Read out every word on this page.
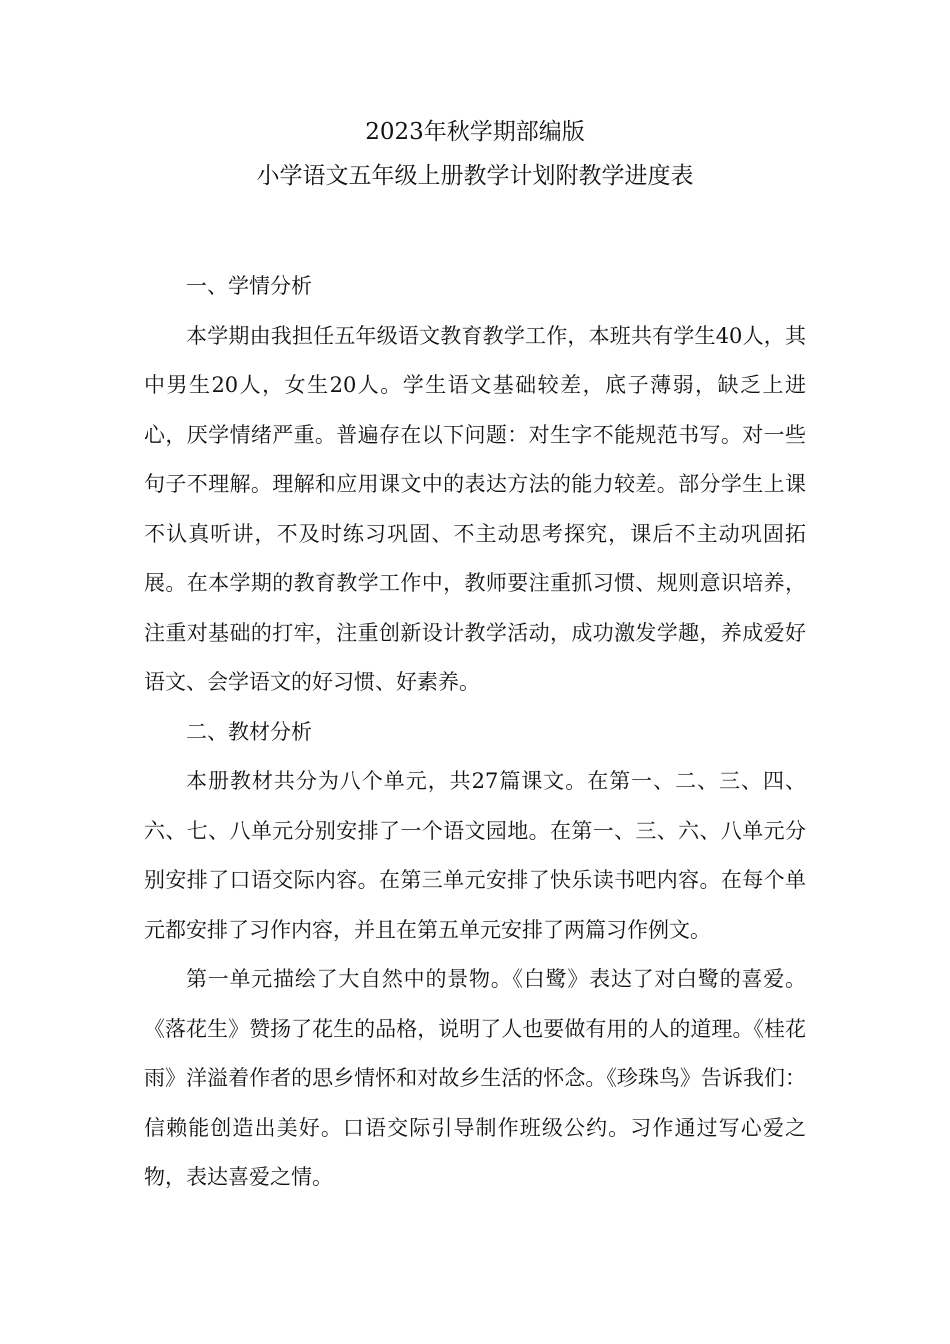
2023年秋学期部编版
小学语文五年级上册教学计划附教学进度表

一、学情分析

本学期由我担任五年级语文教育教学工作，本班共有学生40人，其中男生20人，女生20人。学生语文基础较差，底子薄弱，缺乏上进心，厌学情绪严重。普遍存在以下问题：对生字不能规范书写。对一些句子不理解。理解和应用课文中的表达方法的能力较差。部分学生上课不认真听讲，不及时练习巩固、不主动思考探究，课后不主动巩固拓展。在本学期的教育教学工作中，教师要注重抓习惯、规则意识培养，注重对基础的打牢，注重创新设计教学活动，成功激发学趣，养成爱好语文、会学语文的好习惯、好素养。

二、教材分析

本册教材共分为八个单元，共27篇课文。在第一、二、三、四、六、七、八单元分别安排了一个语文园地。在第一、三、六、八单元分别安排了口语交际内容。在第三单元安排了快乐读书吧内容。在每个单元都安排了习作内容，并且在第五单元安排了两篇习作例文。

第一单元描绘了大自然中的景物。《白鹭》表达了对白鹭的喜爱。《落花生》赞扬了花生的品格，说明了人也要做有用的人的道理。《桂花雨》洋溢着作者的思乡情怀和对故乡生活的怀念。《珍珠鸟》告诉我们：信赖能创造出美好。口语交际引导制作班级公约。习作通过写心爱之物，表达喜爱之情。
